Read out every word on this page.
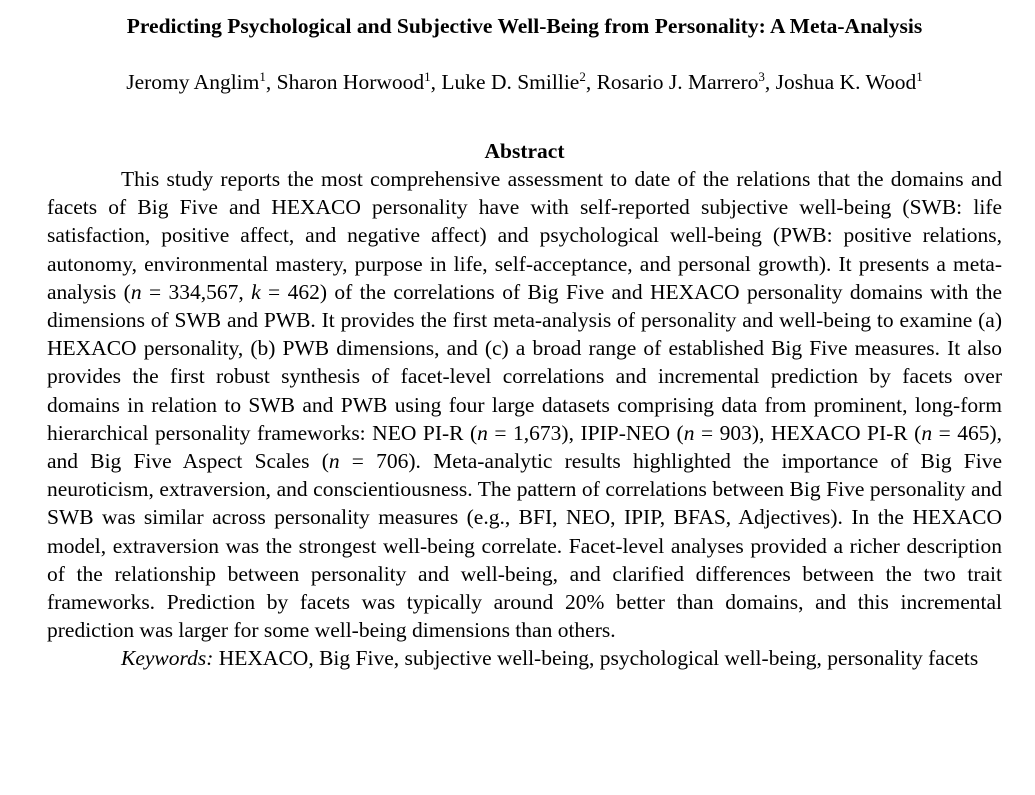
Predicting Psychological and Subjective Well-Being from Personality: A Meta-Analysis
Jeromy Anglim$^1$, Sharon Horwood$^1$, Luke D. Smillie$^2$, Rosario J. Marrero$^3$, Joshua K. Wood$^1$
Abstract

This study reports the most comprehensive assessment to date of the relations that the domains and facets of Big Five and HEXACO personality have with self-reported subjective well-being (SWB: life satisfaction, positive affect, and negative affect) and psychological well-being (PWB: positive relations, autonomy, environmental mastery, purpose in life, self-acceptance, and personal growth). It presents a meta-analysis (n = 334,567, k = 462) of the correlations of Big Five and HEXACO personality domains with the dimensions of SWB and PWB. It provides the first meta-analysis of personality and well-being to examine (a) HEXACO personality, (b) PWB dimensions, and (c) a broad range of established Big Five measures. It also provides the first robust synthesis of facet-level correlations and incremental prediction by facets over domains in relation to SWB and PWB using four large datasets comprising data from prominent, long-form hierarchical personality frameworks: NEO PI-R (n = 1,673), IPIP-NEO (n = 903), HEXACO PI-R (n = 465), and Big Five Aspect Scales (n = 706). Meta-analytic results highlighted the importance of Big Five neuroticism, extraversion, and conscientiousness. The pattern of correlations between Big Five personality and SWB was similar across personality measures (e.g., BFI, NEO, IPIP, BFAS, Adjectives). In the HEXACO model, extraversion was the strongest well-being correlate. Facet-level analyses provided a richer description of the relationship between personality and well-being, and clarified differences between the two trait frameworks. Prediction by facets was typically around 20% better than domains, and this incremental prediction was larger for some well-being dimensions than others.

Keywords: HEXACO, Big Five, subjective well-being, psychological well-being, personality facets
